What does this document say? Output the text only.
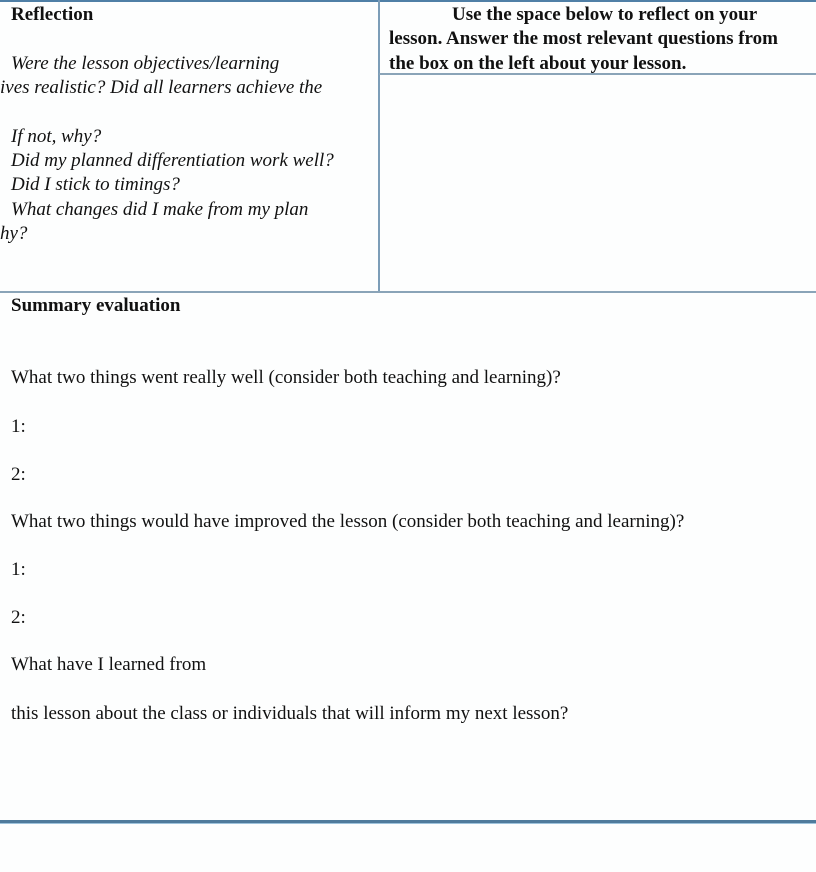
Reflection
Were the lesson objectives/learning
ives realistic? Did all learners achieve the
If not, why?
Did my planned differentiation work well?
Did I stick to timings?
What changes did I make from my plan
hy?
Use the space below to reflect on your
lesson. Answer the most relevant questions from
the box on the left about your lesson.
Summary evaluation
What two things went really well (consider both teaching and learning)?
1:
2:
What two things would have improved the lesson (consider both teaching and learning)?
1:
2:
What have I learned from
this lesson about the class or individuals that will inform my next lesson?
